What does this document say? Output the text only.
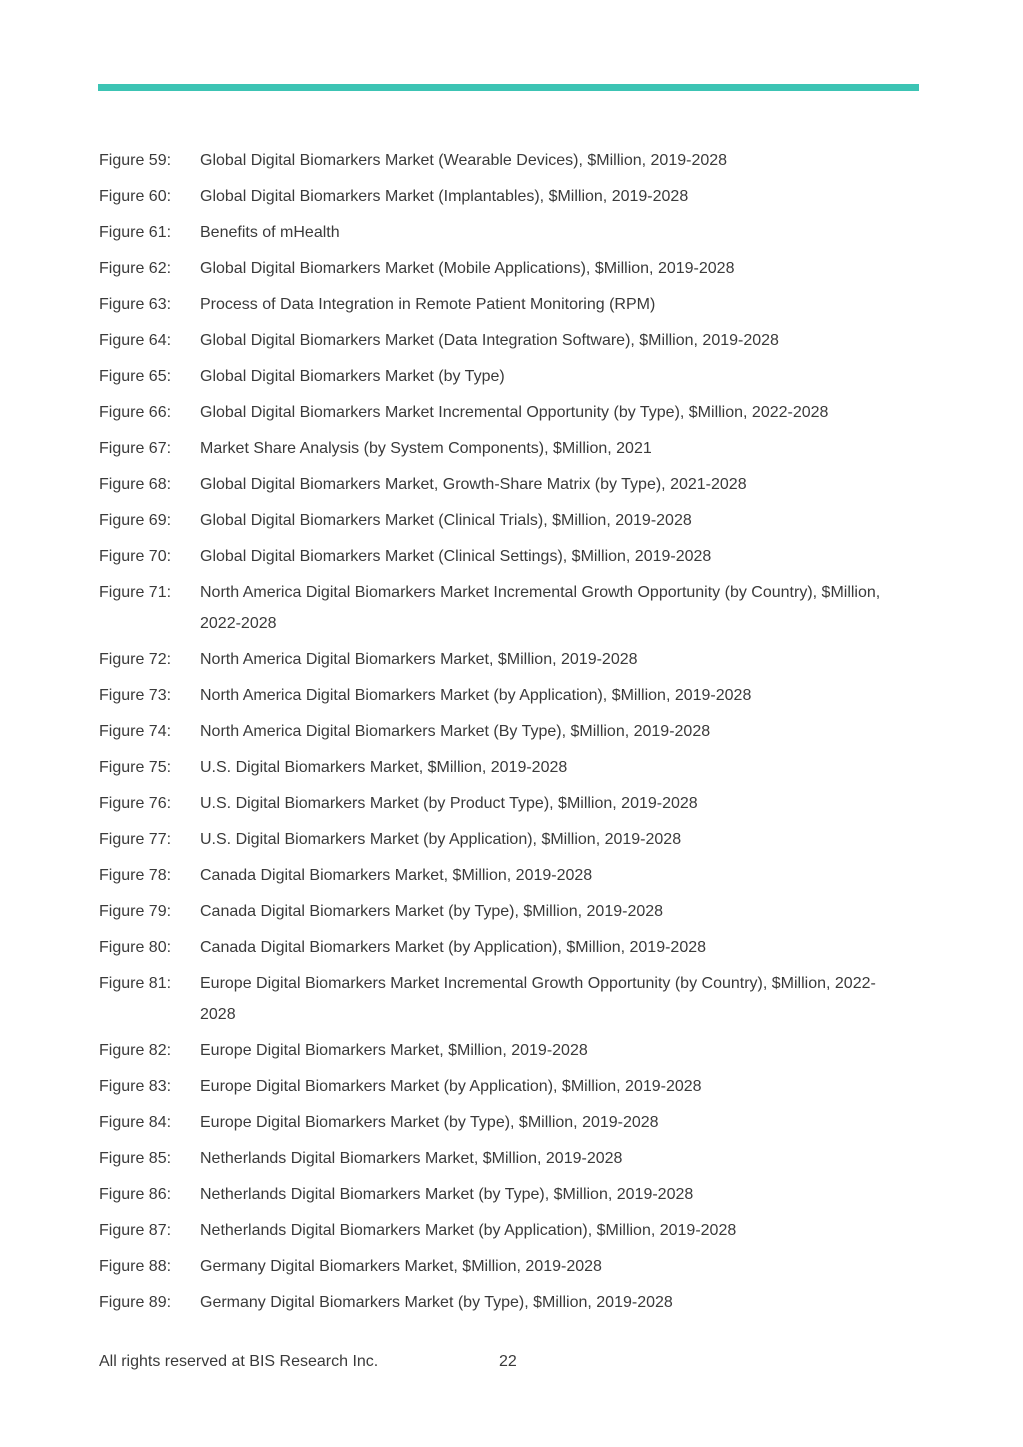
Figure 59:	Global Digital Biomarkers Market (Wearable Devices), $Million, 2019-2028
Figure 60:	Global Digital Biomarkers Market (Implantables), $Million, 2019-2028
Figure 61:	Benefits of mHealth
Figure 62:	Global Digital Biomarkers Market (Mobile Applications), $Million, 2019-2028
Figure 63:	Process of Data Integration in Remote Patient Monitoring (RPM)
Figure 64:	Global Digital Biomarkers Market (Data Integration Software), $Million, 2019-2028
Figure 65:	Global Digital Biomarkers Market (by Type)
Figure 66:	Global Digital Biomarkers Market Incremental Opportunity (by Type), $Million, 2022-2028
Figure 67:	Market Share Analysis (by System Components), $Million, 2021
Figure 68:	Global Digital Biomarkers Market, Growth-Share Matrix (by Type), 2021-2028
Figure 69:	Global Digital Biomarkers Market (Clinical Trials), $Million, 2019-2028
Figure 70:	Global Digital Biomarkers Market (Clinical Settings), $Million, 2019-2028
Figure 71:	North America Digital Biomarkers Market Incremental Growth Opportunity (by Country), $Million, 2022-2028
Figure 72:	North America Digital Biomarkers Market, $Million, 2019-2028
Figure 73:	North America Digital Biomarkers Market (by Application), $Million, 2019-2028
Figure 74:	North America Digital Biomarkers Market (By Type), $Million, 2019-2028
Figure 75:	U.S. Digital Biomarkers Market, $Million, 2019-2028
Figure 76:	U.S. Digital Biomarkers Market (by Product Type), $Million, 2019-2028
Figure 77:	U.S. Digital Biomarkers Market (by Application), $Million, 2019-2028
Figure 78:	Canada Digital Biomarkers Market, $Million, 2019-2028
Figure 79:	Canada Digital Biomarkers Market (by Type), $Million, 2019-2028
Figure 80:	Canada Digital Biomarkers Market (by Application), $Million, 2019-2028
Figure 81:	Europe Digital Biomarkers Market Incremental Growth Opportunity (by Country), $Million, 2022-2028
Figure 82:	Europe Digital Biomarkers Market, $Million, 2019-2028
Figure 83:	Europe Digital Biomarkers Market (by Application), $Million, 2019-2028
Figure 84:	Europe Digital Biomarkers Market (by Type), $Million, 2019-2028
Figure 85:	Netherlands Digital Biomarkers Market, $Million, 2019-2028
Figure 86:	Netherlands Digital Biomarkers Market (by Type), $Million, 2019-2028
Figure 87:	Netherlands Digital Biomarkers Market (by Application), $Million, 2019-2028
Figure 88:	Germany Digital Biomarkers Market, $Million, 2019-2028
Figure 89:	Germany Digital Biomarkers Market (by Type), $Million, 2019-2028
All rights reserved at BIS Research Inc.	22
